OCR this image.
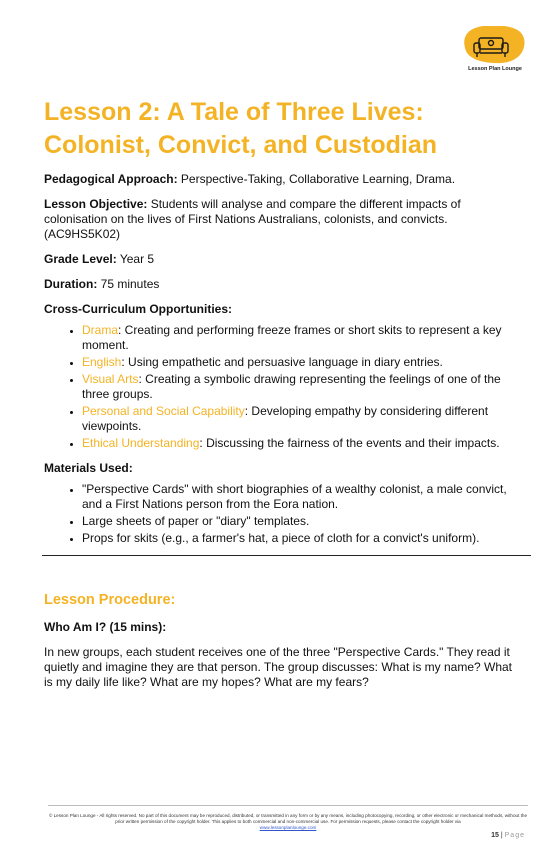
Lesson Plan Lounge
Lesson 2: A Tale of Three Lives: Colonist, Convict, and Custodian

Pedagogical Approach: Perspective-Taking, Collaborative Learning, Drama.

Lesson Objective: Students will analyse and compare the different impacts of colonisation on the lives of First Nations Australians, colonists, and convicts. (AC9HS5K02)

Grade Level: Year 5

Duration: 75 minutes

Cross-Curriculum Opportunities:

• Drama: Creating and performing freeze frames or short skits to represent a key moment.
• English: Using empathetic and persuasive language in diary entries.
• Visual Arts: Creating a symbolic drawing representing the feelings of one of the three groups.
• Personal and Social Capability: Developing empathy by considering different viewpoints.
• Ethical Understanding: Discussing the fairness of the events and their impacts.

Materials Used:

• "Perspective Cards" with short biographies of a wealthy colonist, a male convict, and a First Nations person from the Eora nation.
• Large sheets of paper or "diary" templates.
• Props for skits (e.g., a farmer's hat, a piece of cloth for a convict's uniform).
Lesson Procedure:

Who Am I? (15 mins):

In new groups, each student receives one of the three "Perspective Cards." They read it quietly and imagine they are that person. The group discusses: What is my name? What is my daily life like? What are my hopes? What are my fears?

© Lesson Plan Lounge - All rights reserved. No part of this document may be reproduced, distributed, or transmitted in any form or by any means, including photocopying, recording, or other electronic or mechanical methods, without the prior written permission of the copyright holder. This applies to both commercial and non-commercial use. For permission requests, please contact the copyright holder via
www.lessonplanlounge.com
15 | Page
